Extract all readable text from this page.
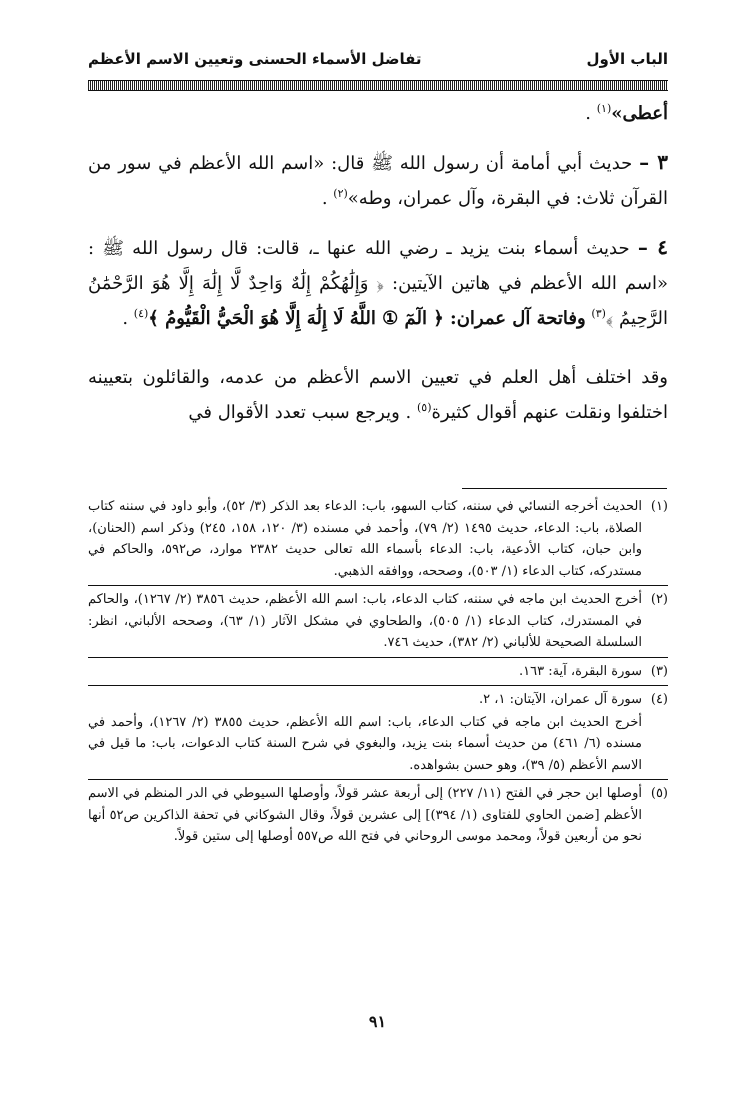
الباب الأول
تفاضل الأسماء الحسنى وتعيين الاسم الأعظم

أعطى»$^{(١)}$ .

٣ – حديث أبي أمامة أن رسول الله ﷺ قال: «اسم الله الأعظم في سور من القرآن ثلاث: في البقرة، وآل عمران، وطه»$^{(٢)}$ .

٤ – حديث أسماء بنت يزيد ـ رضي الله عنها ـ، قالت: قال رسول الله ﷺ : «اسم الله الأعظم في هاتين الآيتين: ﴿ وَإِلَٰهُكُمْ إِلَٰهٌ وَاحِدٌ لَّا إِلَٰهَ إِلَّا هُوَ الرَّحْمَٰنُ الرَّحِيمُ ﴾$^{(٣)}$ وفاتحة آل عمران: ﴿ الٓمٓ ① اللَّهُ لَا إِلَٰهَ إِلَّا هُوَ الْحَيُّ الْقَيُّومُ ﴾$^{(٤)}$ .

وقد اختلف أهل العلم في تعيين الاسم الأعظم من عدمه، والقائلون بتعيينه اختلفوا ونقلت عنهم أقوال كثيرة$^{(٥)}$ . ويرجع سبب تعدد الأقوال في

(١)
الحديث أخرجه النسائي في سننه، كتاب السهو، باب: الدعاء بعد الذكر (٣/ ٥٢)، وأبو داود في سننه كتاب الصلاة، باب: الدعاء، حديث ١٤٩٥ (٢/ ٧٩)، وأحمد في مسنده (٣/ ١٢٠، ١٥٨، ٢٤٥) وذكر اسم (الحنان)، وابن حبان، كتاب الأدعية، باب: الدعاء بأسماء الله تعالى حديث ٢٣٨٢ موارد، ص٥٩٢، والحاكم في مستدركه، كتاب الدعاء (١/ ٥٠٣)، وصححه، ووافقه الذهبي.

(٢)
أخرج الحديث ابن ماجه في سننه، كتاب الدعاء، باب: اسم الله الأعظم، حديث ٣٨٥٦ (٢/ ١٢٦٧)، والحاكم في المستدرك، كتاب الدعاء (١/ ٥٠٥)، والطحاوي في مشكل الآثار (١/ ٦٣)، وصححه الألباني، انظر: السلسلة الصحيحة للألباني (٢/ ٣٨٢)، حديث ٧٤٦.

(٣)
سورة البقرة، آية: ١٦٣.

(٤)
سورة آل عمران، الآيتان: ١، ٢.

أخرج الحديث ابن ماجه في كتاب الدعاء، باب: اسم الله الأعظم، حديث ٣٨٥٥ (٢/ ١٢٦٧)، وأحمد في مسنده (٦/ ٤٦١) من حديث أسماء بنت يزيد، والبغوي في شرح السنة كتاب الدعوات، باب: ما قيل في الاسم الأعظم (٥/ ٣٩)، وهو حسن بشواهده.

(٥)
أوصلها ابن حجر في الفتح (١١/ ٢٢٧) إلى أربعة عشر قولاً، وأوصلها السيوطي في الدر المنظم في الاسم الأعظم [ضمن الحاوي للفتاوى (١/ ٣٩٤)] إلى عشرين قولاً، وقال الشوكاني في تحفة الذاكرين ص٥٢ أنها نحو من أربعين قولاً، ومحمد موسى الروحاني في فتح الله ص٥٥٧ أوصلها إلى ستين قولاً.

٩١
